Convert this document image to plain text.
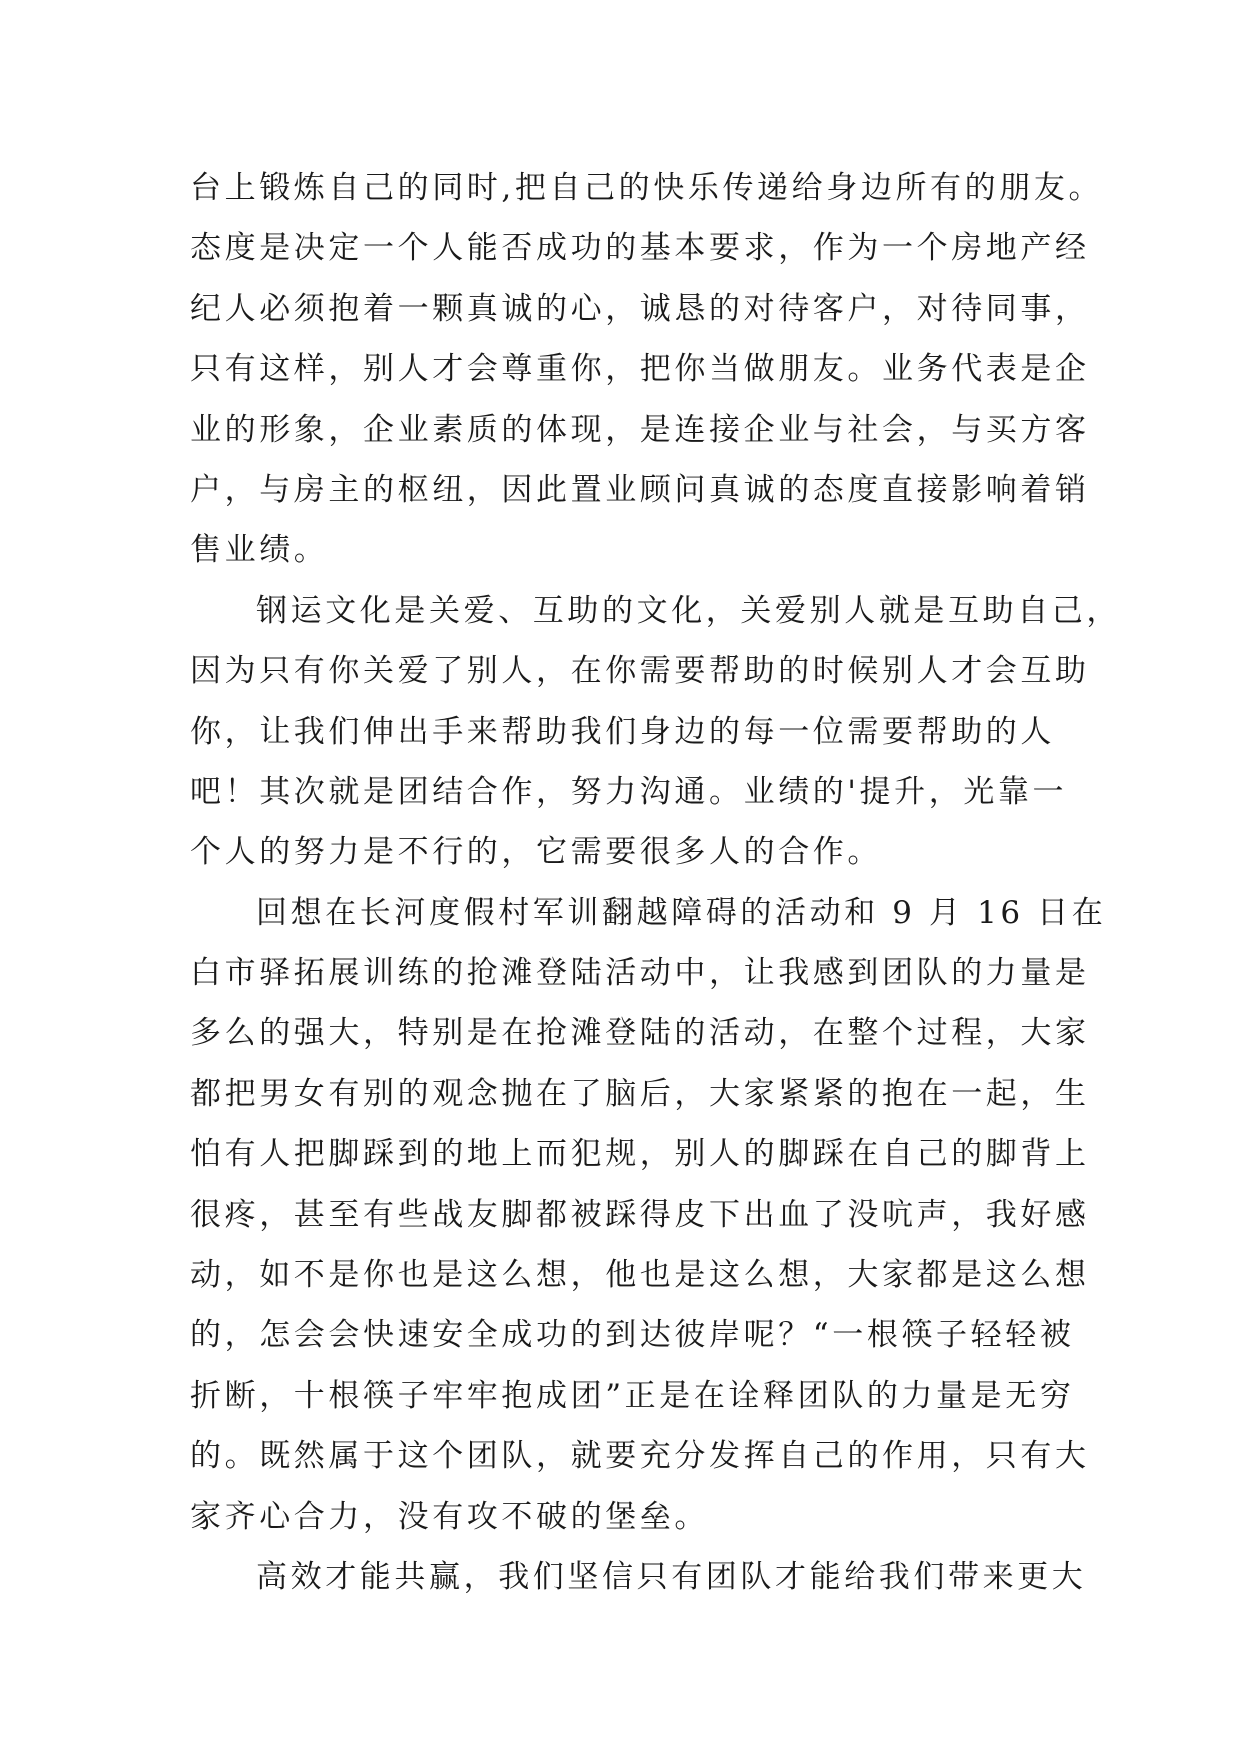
台上锻炼自己的同时,把自己的快乐传递给身边所有的朋友。
态度是决定一个人能否成功的基本要求，作为一个房地产经
纪人必须抱着一颗真诚的心，诚恳的对待客户，对待同事，
只有这样，别人才会尊重你，把你当做朋友。业务代表是企
业的形象，企业素质的体现，是连接企业与社会，与买方客
户，与房主的枢纽，因此置业顾问真诚的态度直接影响着销
售业绩。
钢运文化是关爱、互助的文化，关爱别人就是互助自己，
因为只有你关爱了别人，在你需要帮助的时候别人才会互助
你，让我们伸出手来帮助我们身边的每一位需要帮助的人
吧！其次就是团结合作，努力沟通。业绩的'提升，光靠一
个人的努力是不行的，它需要很多人的合作。
回想在长河度假村军训翻越障碍的活动和 9 月 16 日在
白市驿拓展训练的抢滩登陆活动中，让我感到团队的力量是
多么的强大，特别是在抢滩登陆的活动，在整个过程，大家
都把男女有别的观念抛在了脑后，大家紧紧的抱在一起，生
怕有人把脚踩到的地上而犯规，别人的脚踩在自己的脚背上
很疼，甚至有些战友脚都被踩得皮下出血了没吭声，我好感
动，如不是你也是这么想，他也是这么想，大家都是这么想
的，怎会会快速安全成功的到达彼岸呢？“一根筷子轻轻被
折断，十根筷子牢牢抱成团”正是在诠释团队的力量是无穷
的。既然属于这个团队，就要充分发挥自己的作用，只有大
家齐心合力，没有攻不破的堡垒。
高效才能共赢，我们坚信只有团队才能给我们带来更大
